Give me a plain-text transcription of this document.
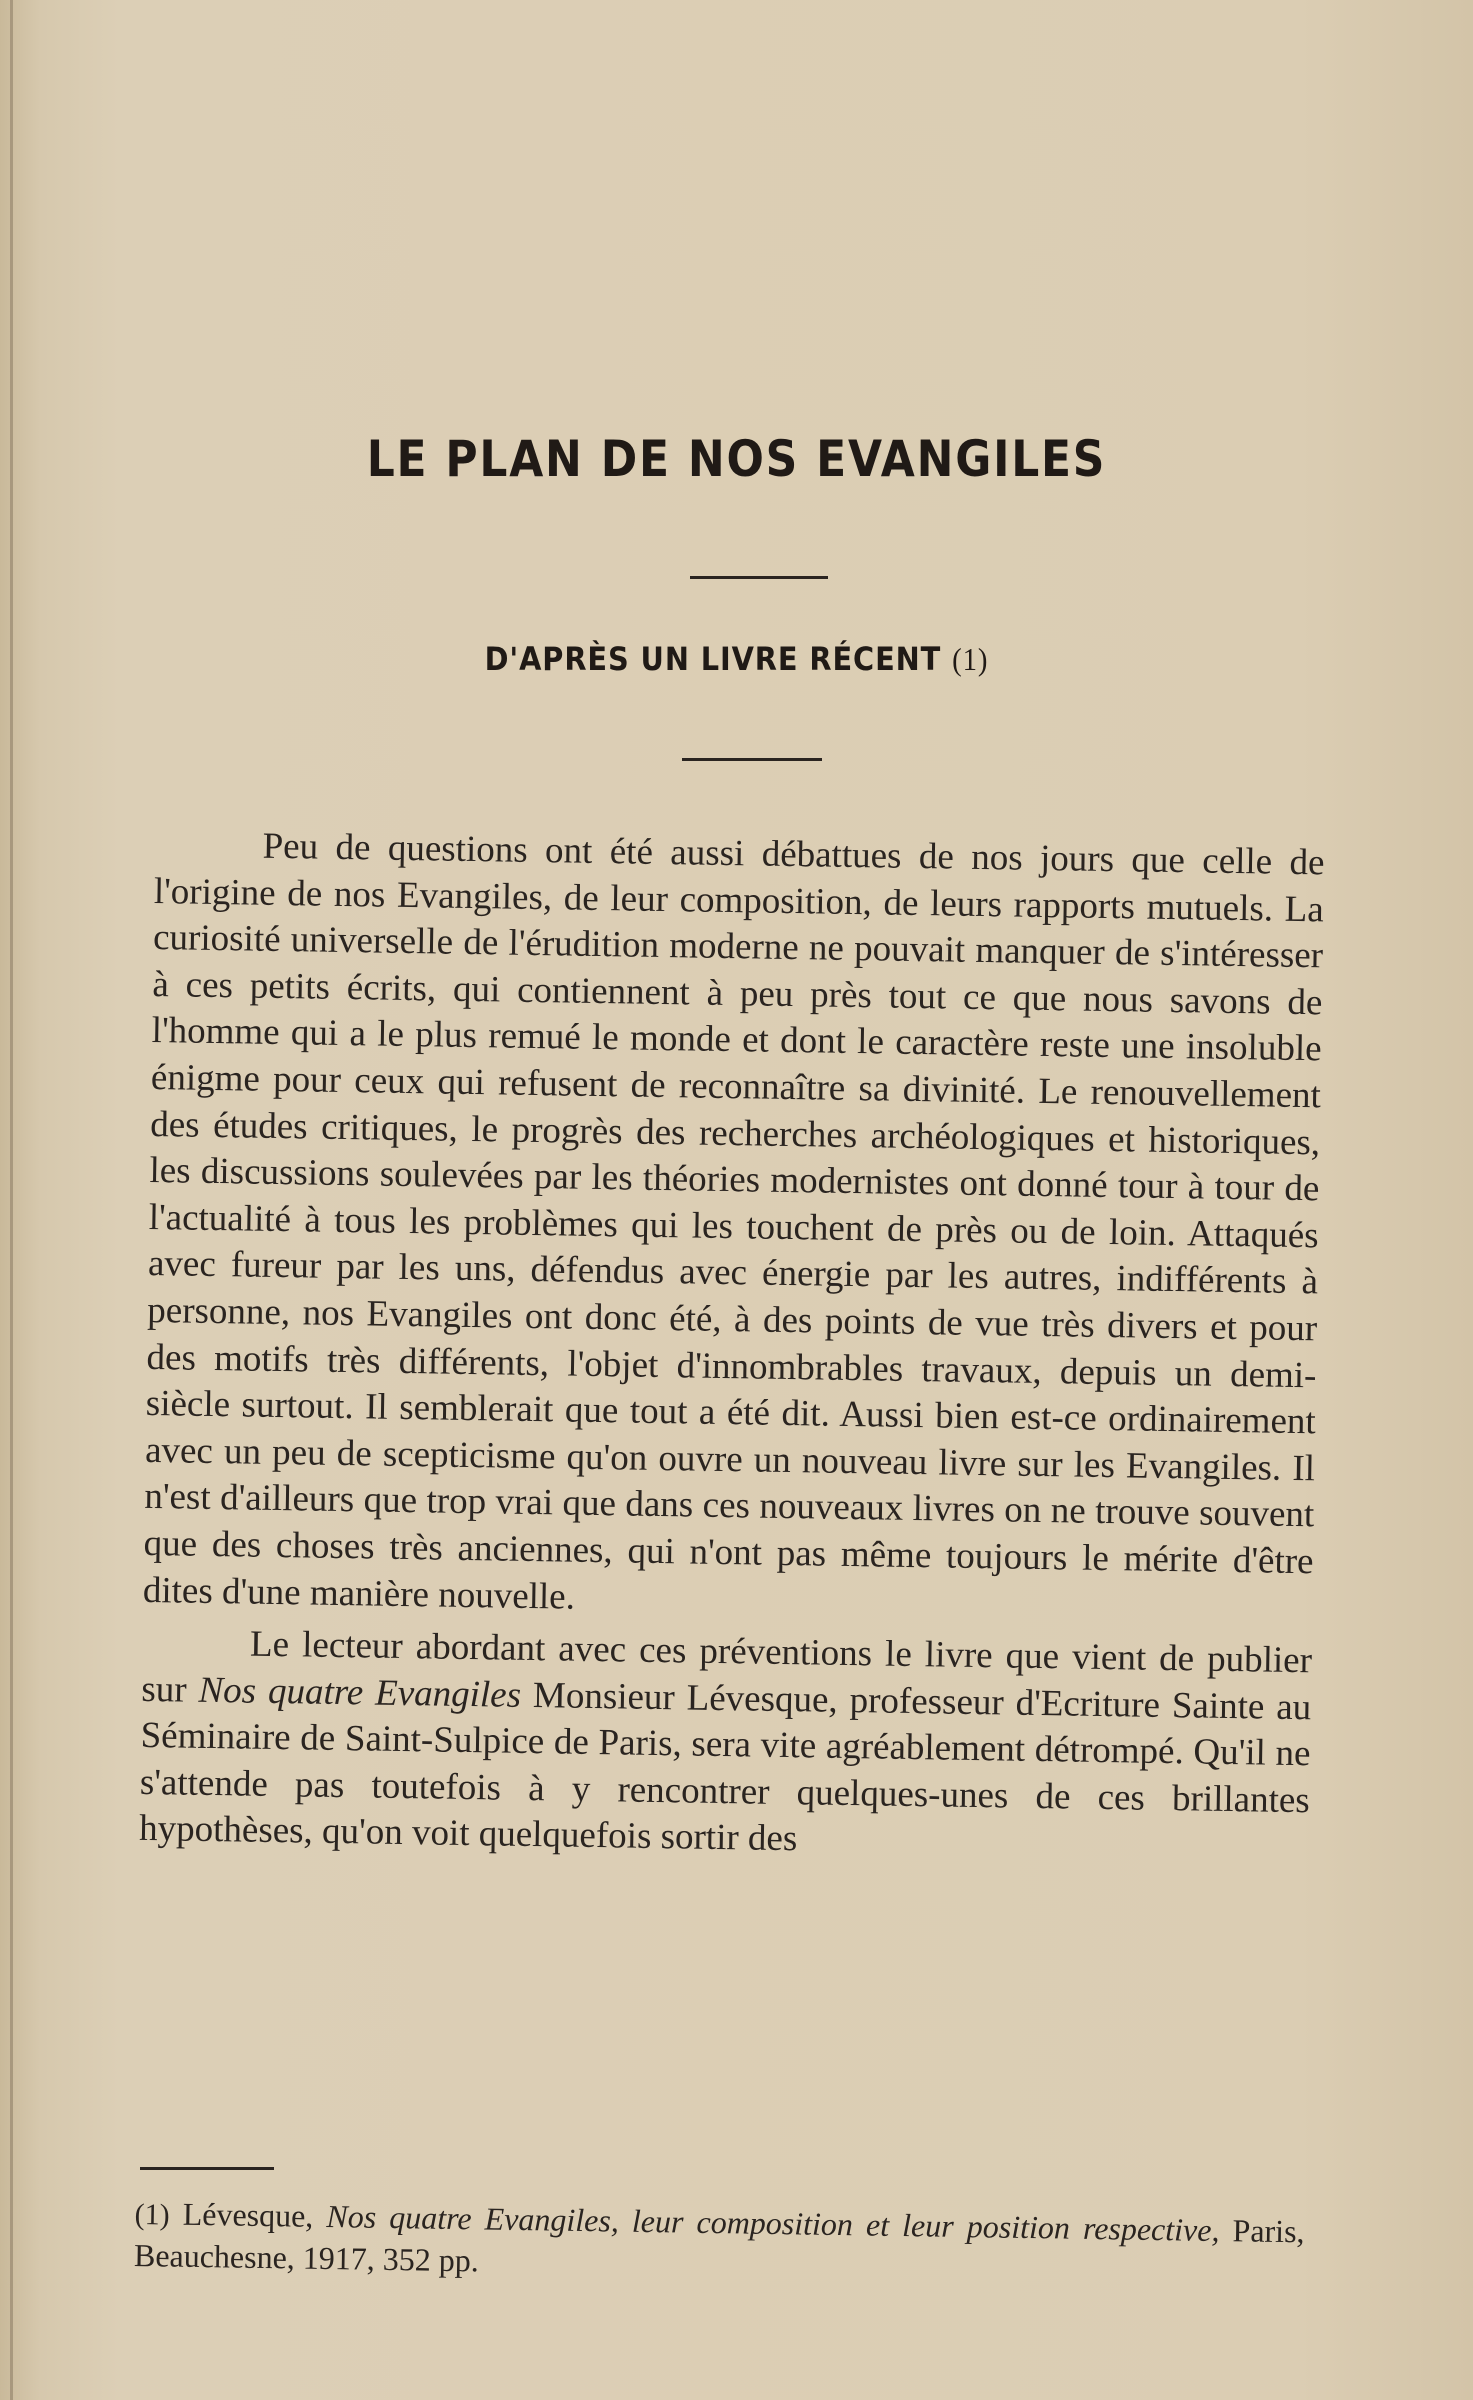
LE PLAN DE NOS EVANGILES
D'APRÈS UN LIVRE RÉCENT (1)

Peu de questions ont été aussi débattues de nos jours que celle de l'origine de nos Evangiles, de leur composition, de leurs rapports mutuels. La curiosité universelle de l'érudition moderne ne pouvait manquer de s'intéresser à ces petits écrits, qui contiennent à peu près tout ce que nous savons de l'homme qui a le plus remué le monde et dont le caractère reste une insoluble énigme pour ceux qui refusent de reconnaître sa divinité. Le renouvellement des études critiques, le progrès des recherches archéologiques et historiques, les discussions soulevées par les théories modernistes ont donné tour à tour de l'actualité à tous les problèmes qui les touchent de près ou de loin. Attaqués avec fureur par les uns, défendus avec énergie par les autres, indifférents à personne, nos Evangiles ont donc été, à des points de vue très divers et pour des motifs très différents, l'objet d'innombrables travaux, depuis un demi-siècle surtout. Il semblerait que tout a été dit. Aussi bien est-ce ordinairement avec un peu de scepticisme qu'on ouvre un nouveau livre sur les Evangiles. Il n'est d'ailleurs que trop vrai que dans ces nouveaux livres on ne trouve souvent que des choses très anciennes, qui n'ont pas même toujours le mérite d'être dites d'une manière nouvelle.

Le lecteur abordant avec ces préventions le livre que vient de publier sur Nos quatre Evangiles Monsieur Lévesque, professeur d'Ecriture Sainte au Séminaire de Saint-Sulpice de Paris, sera vite agréablement détrompé. Qu'il ne s'attende pas toutefois à y rencontrer quelques-unes de ces brillantes hypothèses, qu'on voit quelquefois sortir des

(1) Lévesque, Nos quatre Evangiles, leur composition et leur position respective, Paris, Beauchesne, 1917, 352 pp.
